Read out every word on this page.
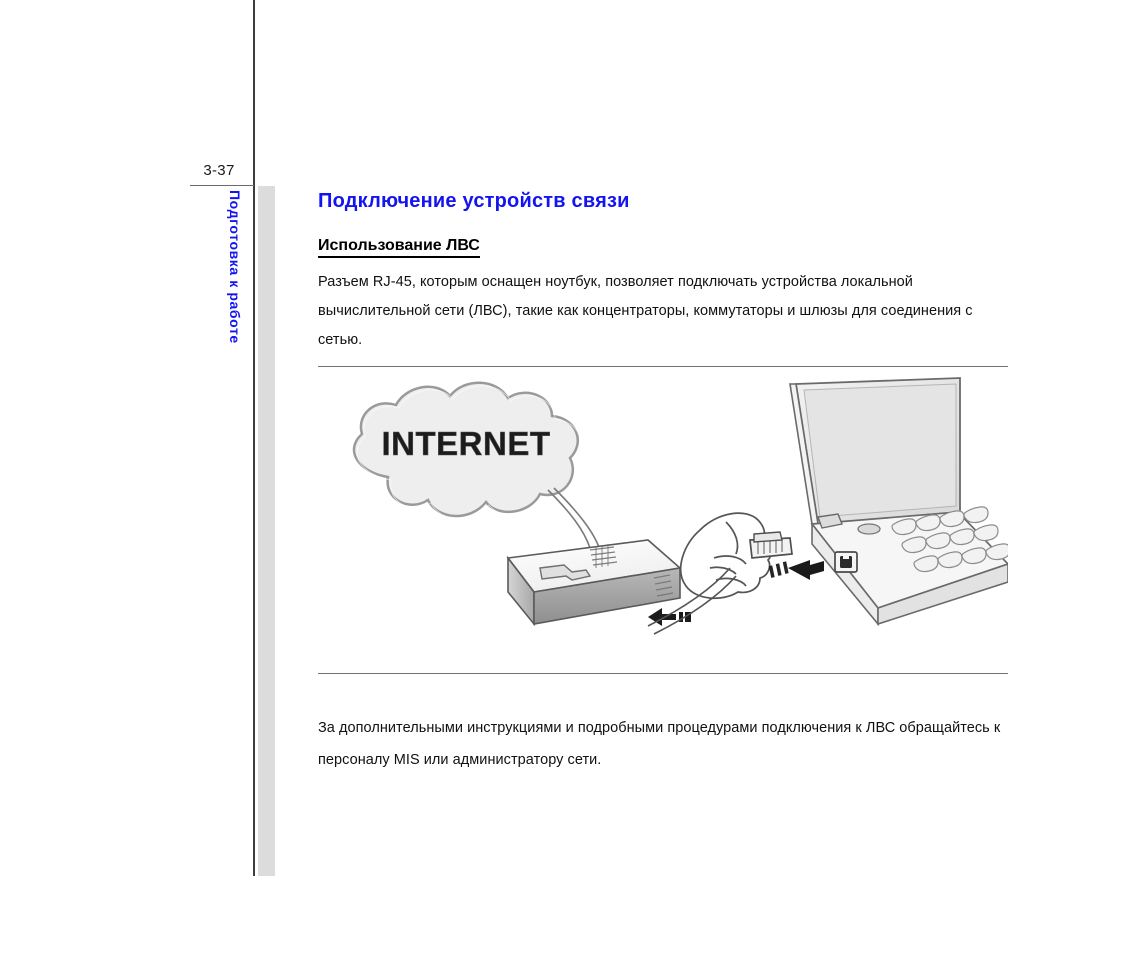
3-37
Подготовка к работе	Подключение устройств связи
Использование ЛВС

Разъем RJ-45, которым оснащен ноутбук, позволяет подключать устройства локальной вычислительной сети (ЛВС), такие как концентраторы, коммутаторы и шлюзы для соединения с сетью.

INTERNET
За дополнительными инструкциями и подробными процедурами подключения к ЛВС обращайтесь к персоналу MIS или администратору сети.
